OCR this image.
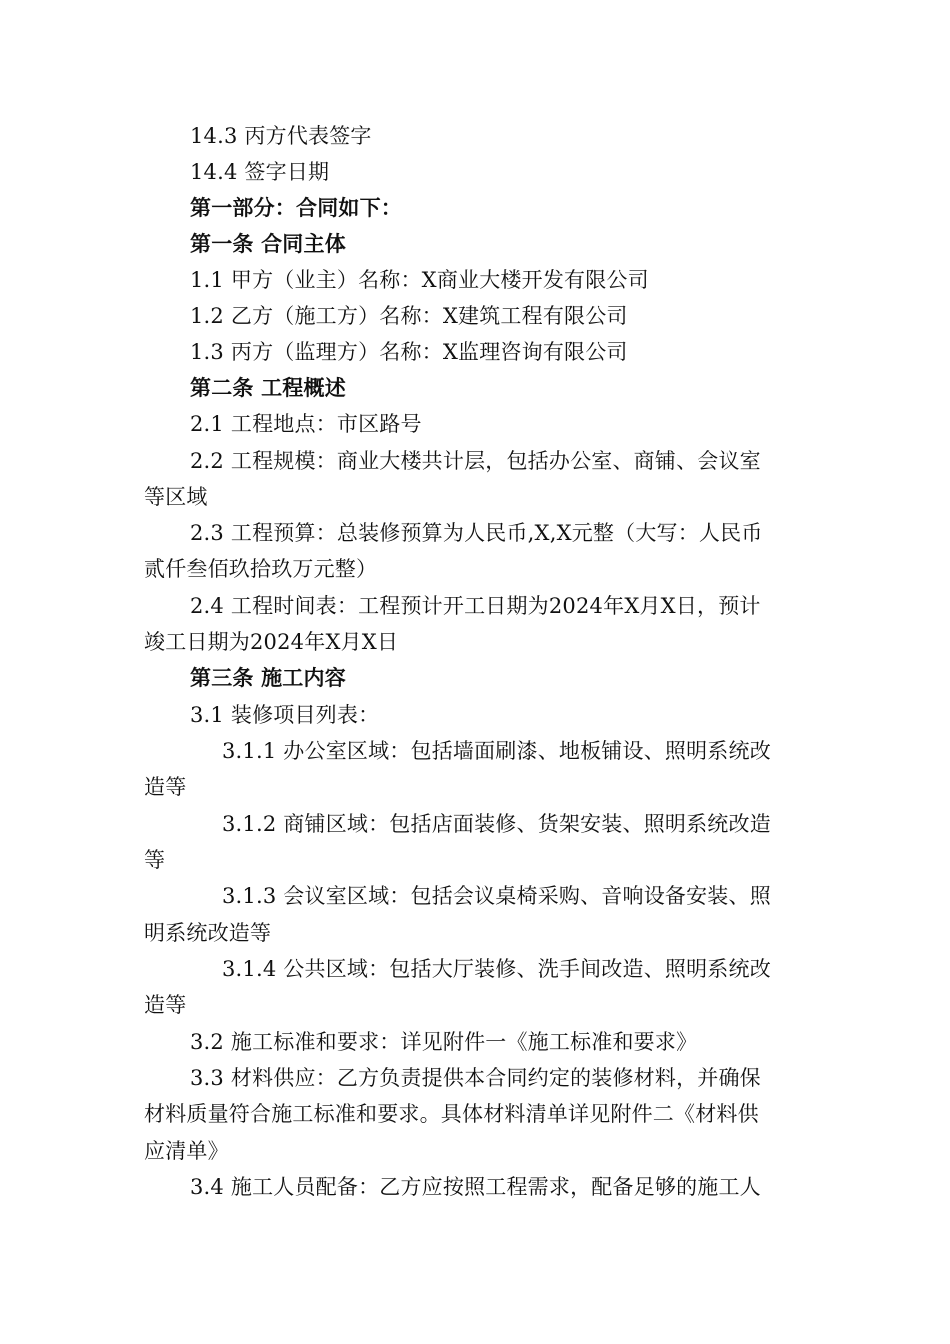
14.3 丙方代表签字
14.4 签字日期
第一部分：合同如下：
第一条 合同主体
1.1 甲方（业主）名称：X商业大楼开发有限公司
1.2 乙方（施工方）名称：X建筑工程有限公司
1.3 丙方（监理方）名称：X监理咨询有限公司
第二条 工程概述
2.1 工程地点：市区路号
2.2 工程规模：商业大楼共计层，包括办公室、商铺、会议室
等区域
2.3 工程预算：总装修预算为人民币,X,X元整（大写：人民币
贰仟叁佰玖拾玖万元整）
2.4 工程时间表：工程预计开工日期为2024年X月X日，预计
竣工日期为2024年X月X日
第三条 施工内容
3.1 装修项目列表：
3.1.1 办公室区域：包括墙面刷漆、地板铺设、照明系统改
造等
3.1.2 商铺区域：包括店面装修、货架安装、照明系统改造
等
3.1.3 会议室区域：包括会议桌椅采购、音响设备安装、照
明系统改造等
3.1.4 公共区域：包括大厅装修、洗手间改造、照明系统改
造等
3.2 施工标准和要求：详见附件一《施工标准和要求》
3.3 材料供应：乙方负责提供本合同约定的装修材料，并确保
材料质量符合施工标准和要求。具体材料清单详见附件二《材料供
应清单》
3.4 施工人员配备：乙方应按照工程需求，配备足够的施工人
